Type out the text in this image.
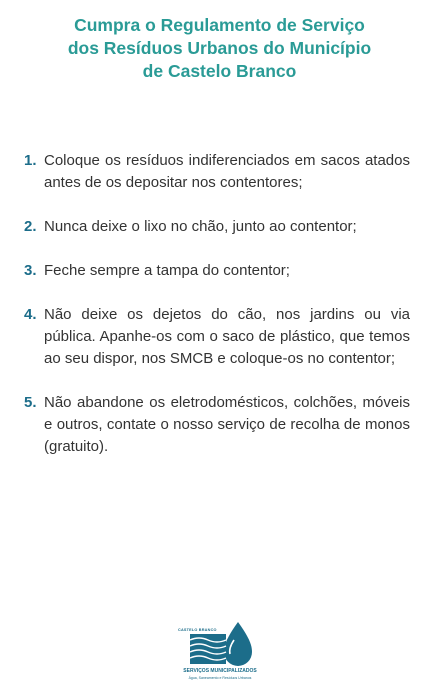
Cumpra o Regulamento de Serviço
dos Resíduos Urbanos do Município
de Castelo Branco
1. Coloque os resíduos indiferenciados em sacos atados antes de os depositar nos contentores;
2. Nunca deixe o lixo no chão, junto ao contentor;
3. Feche sempre a tampa do contentor;
4. Não deixe os dejetos do cão, nos jardins ou via pública. Apanhe-os com o saco de plástico, que temos ao seu dispor, nos SMCB e coloque-os no contentor;
5. Não abandone os eletrodomésticos, colchões, móveis e outros, contate o nosso serviço de recolha de monos (gratuito).
CASTELO BRANCO
SERVIÇOS MUNICIPALIZADOS
Água, Saneamento e Resíduos Urbanos
